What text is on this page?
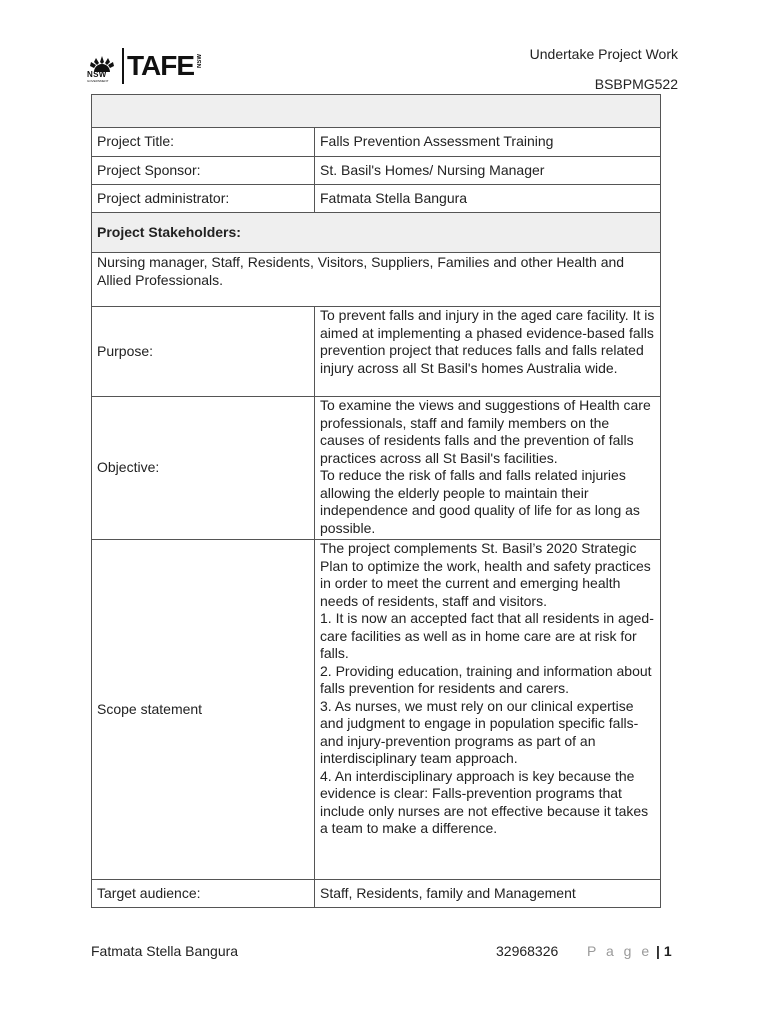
NSW
GOVERNMENT TAFE NSW	Undertake Project Work
BSBPMG522

Project Title:	Falls Prevention Assessment Training
Project Sponsor:	St. Basil's Homes/ Nursing Manager
Project administrator:	Fatmata Stella Bangura
Project Stakeholders:	
Nursing manager, Staff, Residents, Visitors, Suppliers, Families and other Health and Allied Professionals.	
Purpose:	To prevent falls and injury in the aged care facility. It is aimed at implementing a phased evidence-based falls prevention project that reduces falls and falls related injury across all St Basil's homes Australia wide.
Objective:	To examine the views and suggestions of Health care professionals, staff and family members on the causes of residents falls and the prevention of falls practices across all St Basil's facilities.
To reduce the risk of falls and falls related injuries allowing the elderly people to maintain their independence and good quality of life for as long as possible.

Scope statement	The project complements St. Basil’s 2020 Strategic Plan to optimize the work, health and safety practices in order to meet the current and emerging health needs of residents, staff and visitors.
1. It is now an accepted fact that all residents in aged-care facilities as well as in home care are at risk for falls.
2. Providing education, training and information about falls prevention for residents and carers.
3. As nurses, we must rely on our clinical expertise and judgment to engage in population specific falls- and injury-prevention programs as part of an interdisciplinary team approach.
4. An interdisciplinary approach is key because the evidence is clear: Falls-prevention programs that include only nurses are not effective because it takes a team to make a difference.

Target audience:	Staff, Residents, family and Management
Fatmata Stella Bangura	32968326 P a g e | 1
